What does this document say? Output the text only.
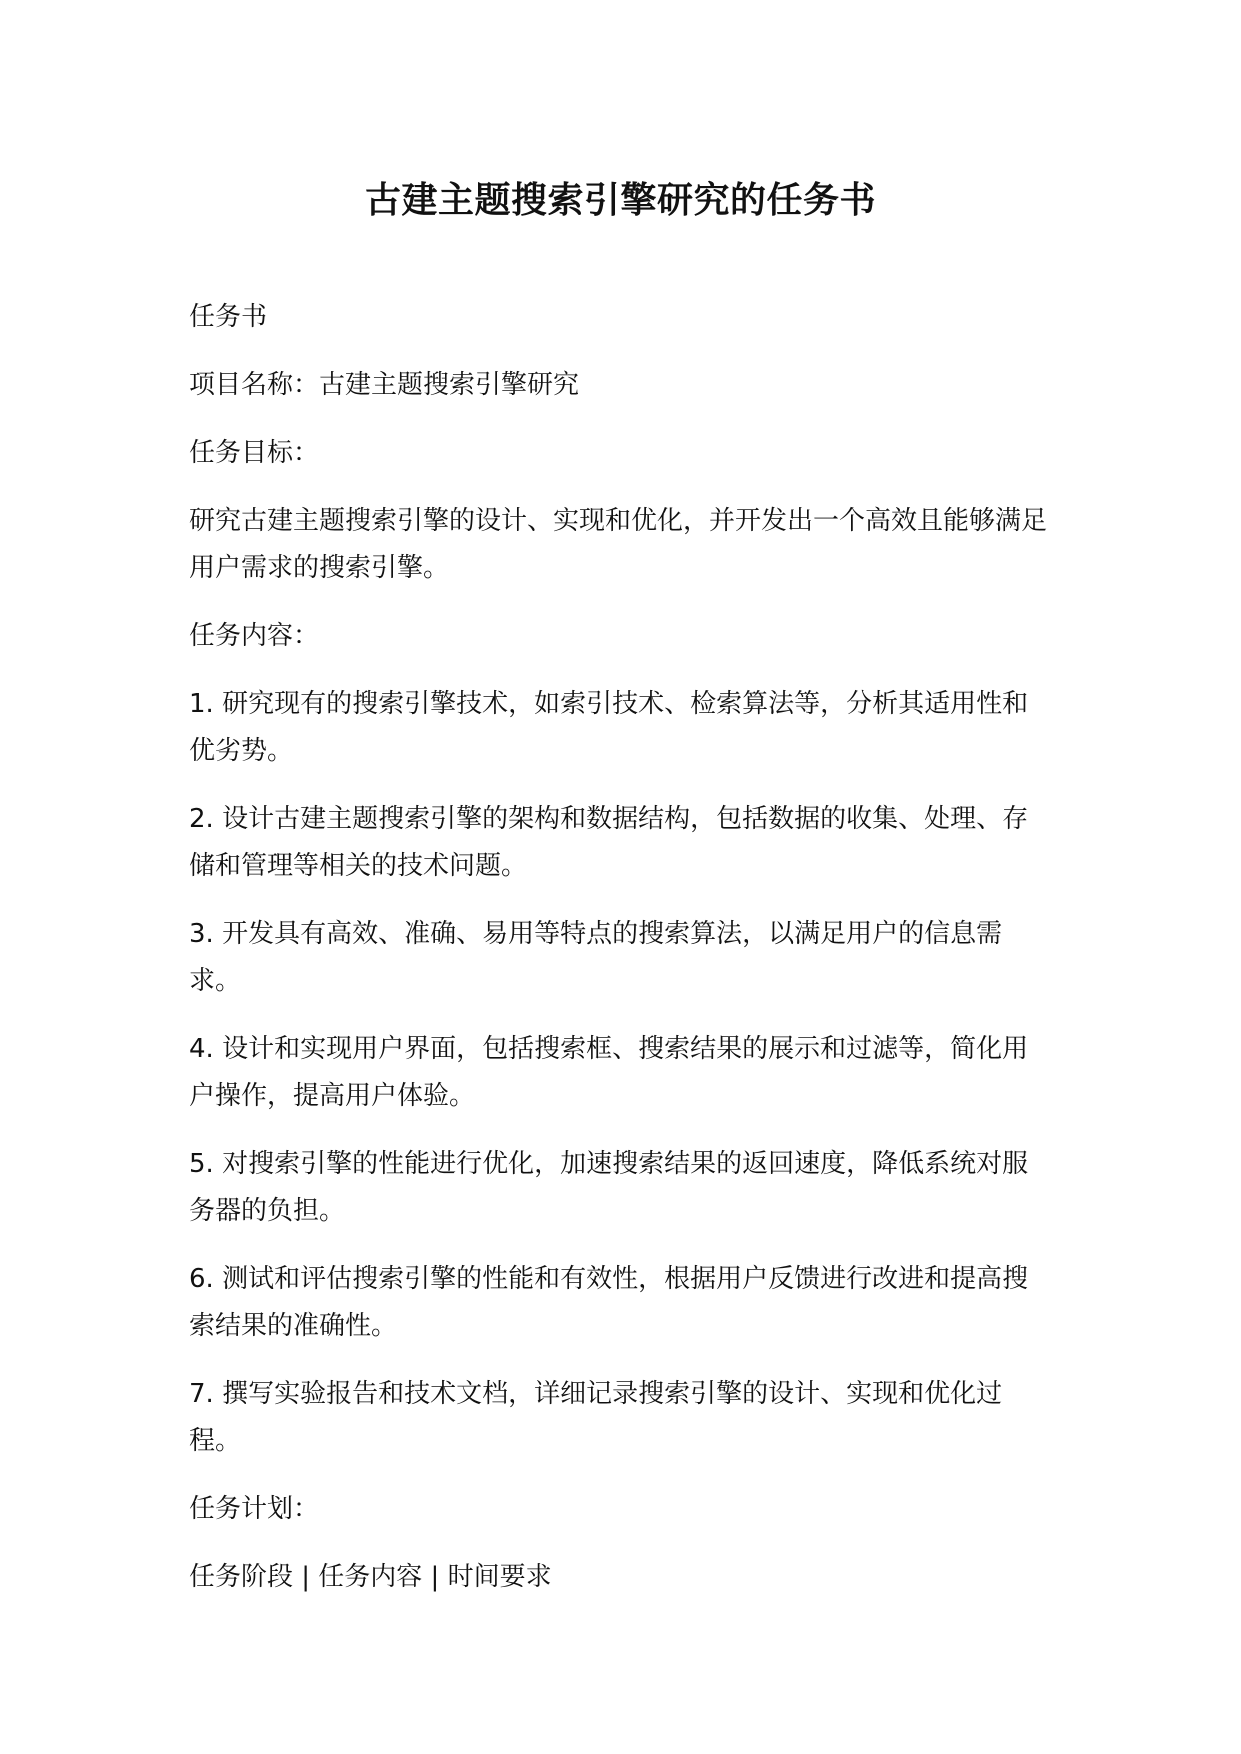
古建主题搜索引擎研究的任务书

任务书

项目名称：古建主题搜索引擎研究

任务目标：

研究古建主题搜索引擎的设计、实现和优化，并开发出一个高效且能够满足用户需求的搜索引擎。

任务内容：

1. 研究现有的搜索引擎技术，如索引技术、检索算法等，分析其适用性和优劣势。

2. 设计古建主题搜索引擎的架构和数据结构，包括数据的收集、处理、存储和管理等相关的技术问题。

3. 开发具有高效、准确、易用等特点的搜索算法，以满足用户的信息需求。

4. 设计和实现用户界面，包括搜索框、搜索结果的展示和过滤等，简化用户操作，提高用户体验。

5. 对搜索引擎的性能进行优化，加速搜索结果的返回速度，降低系统对服务器的负担。

6. 测试和评估搜索引擎的性能和有效性，根据用户反馈进行改进和提高搜索结果的准确性。

7. 撰写实验报告和技术文档，详细记录搜索引擎的设计、实现和优化过程。

任务计划：

任务阶段 | 任务内容 | 时间要求
